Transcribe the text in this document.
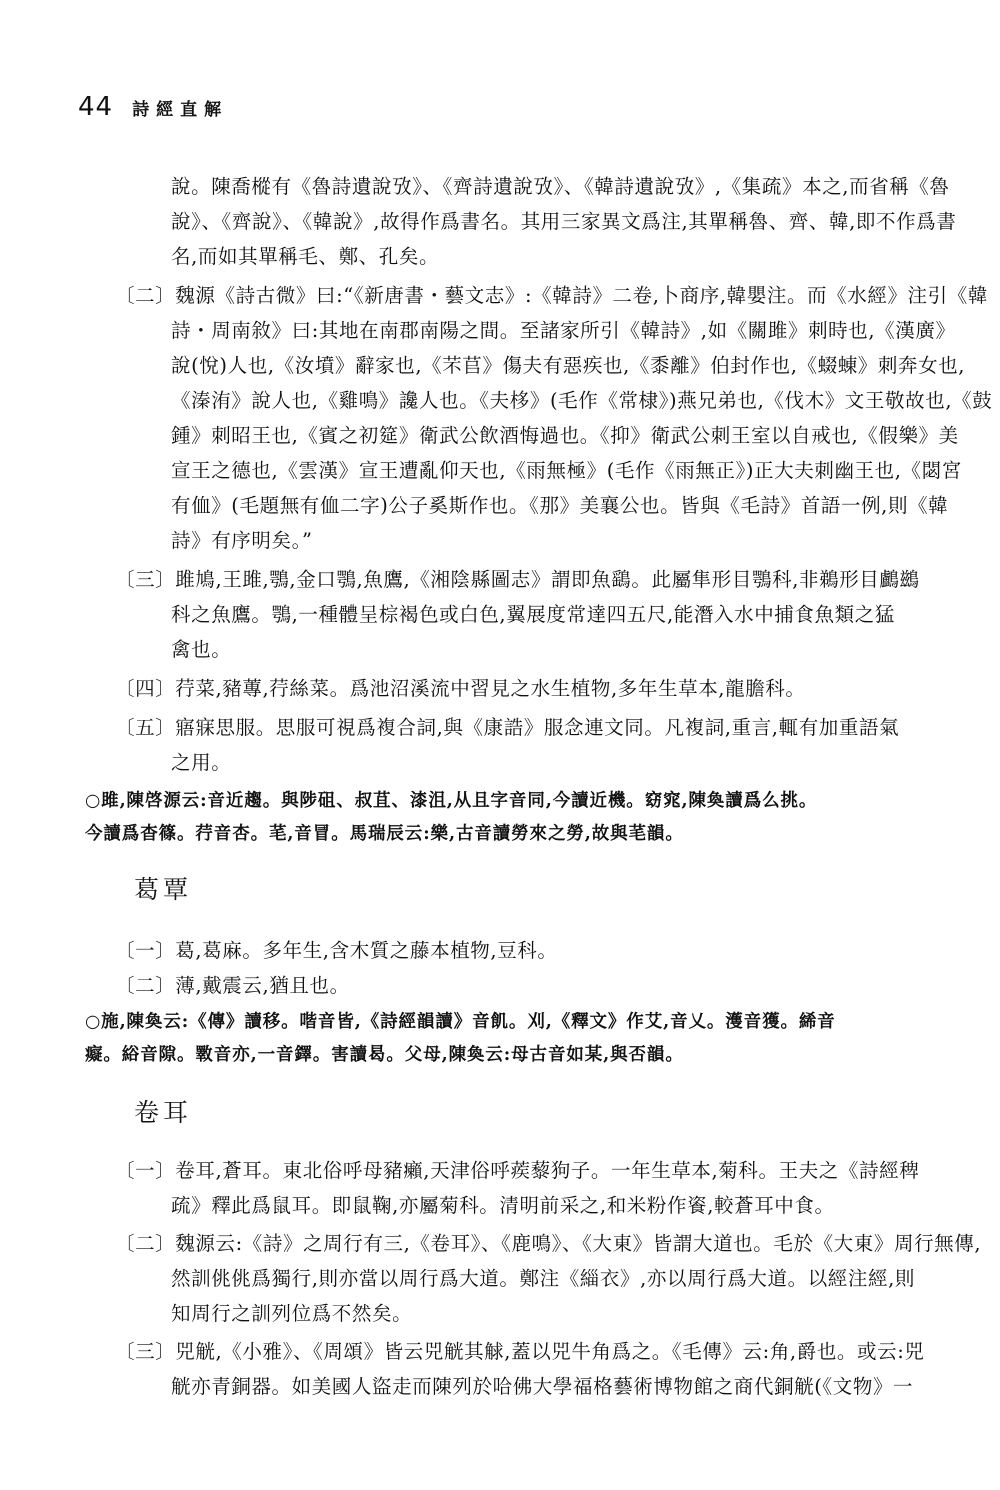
44 詩經直解
說。陳喬樅有《魯詩遺說攷》、《齊詩遺說攷》、《韓詩遺說攷》,《集疏》本之,而省稱《魯
說》、《齊說》、《韓說》,故得作爲書名。其用三家異文爲注,其單稱魯、齊、韓,即不作爲書
名,而如其單稱毛、鄭、孔矣。
〔二〕魏源《詩古微》曰:“《新唐書・藝文志》:《韓詩》二卷,卜商序,韓嬰注。而《水經》注引《韓
詩・周南敘》曰:其地在南郡南陽之間。至諸家所引《韓詩》,如《關雎》刺時也,《漢廣》
說(悅)人也,《汝墳》辭家也,《芣苢》傷夫有惡疾也,《黍離》伯封作也,《蝃蝀》刺奔女也,
《溱洧》說人也,《雞鳴》讒人也。《夫栘》(毛作《常棣》)燕兄弟也,《伐木》文王敬故也,《鼓
鍾》刺昭王也,《賓之初筵》衛武公飲酒悔過也。《抑》衛武公刺王室以自戒也,《假樂》美
宣王之德也,《雲漢》宣王遭亂仰天也,《雨無極》(毛作《雨無正》)正大夫刺幽王也,《閟宮
有侐》(毛題無有侐二字)公子奚斯作也。《那》美襄公也。皆與《毛詩》首語一例,則《韓
詩》有序明矣。”
〔三〕雎鳩,王雎,鶚,金口鶚,魚鷹,《湘陰縣圖志》謂即魚鷂。此屬隼形目鶚科,非鵜形目鸕鷀
科之魚鷹。鶚,一種體呈棕褐色或白色,翼展度常達四五尺,能潛入水中捕食魚類之猛
禽也。
〔四〕荇菜,豬蓴,荇絲菜。爲池沼溪流中習見之水生植物,多年生草本,龍膽科。
〔五〕寤寐思服。思服可視爲複合詞,與《康誥》服念連文同。凡複詞,重言,輒有加重語氣
之用。
○雎,陳啓源云:音近趨。與陟砠、叔苴、漆沮,从且字音同,今讀近機。窈窕,陳奐讀爲么挑。
今讀爲杳篠。荇音杏。芼,音冒。馬瑞辰云:樂,古音讀勞來之勞,故與芼韻。
葛覃
〔一〕葛,葛麻。多年生,含木質之藤本植物,豆科。
〔二〕薄,戴震云,猶且也。
○施,陳奐云:《傳》讀移。喈音皆,《詩經韻讀》音飢。刈,《釋文》作艾,音乂。濩音獲。絺音
癡。綌音隙。斁音亦,一音鐸。害讀曷。父母,陳奐云:母古音如某,與否韻。
卷耳
〔一〕卷耳,蒼耳。東北俗呼母豬癩,天津俗呼蒺藜狗子。一年生草本,菊科。王夫之《詩經稗
疏》釋此爲鼠耳。即鼠鞠,亦屬菊科。清明前采之,和米粉作餈,較蒼耳中食。
〔二〕魏源云:《詩》之周行有三,《卷耳》、《鹿鳴》、《大東》皆謂大道也。毛於《大東》周行無傳,
然訓佻佻爲獨行,則亦當以周行爲大道。鄭注《緇衣》,亦以周行爲大道。以經注經,則
知周行之訓列位爲不然矣。
〔三〕兕觥,《小雅》、《周頌》皆云兕觥其觩,蓋以兕牛角爲之。《毛傳》云:角,爵也。或云:兕
觥亦青銅器。如美國人盜走而陳列於哈佛大學福格藝術博物館之商代銅觥(《文物》一
